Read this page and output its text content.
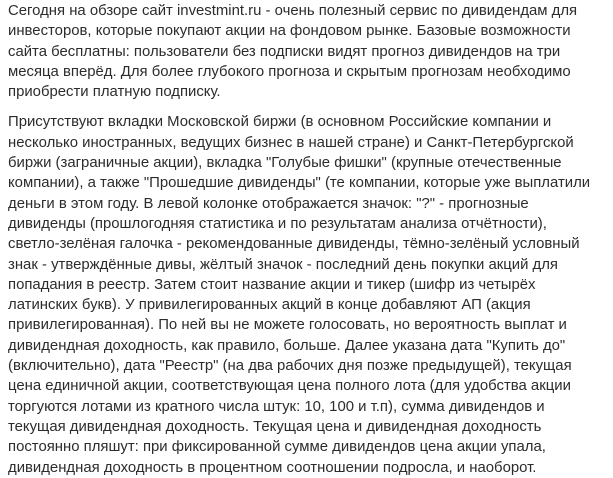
Сегодня на обзоре сайт investmint.ru - очень полезный сервис по дивидендам для
инвесторов, которые покупают акции на фондовом рынке. Базовые возможности
сайта бесплатны: пользователи без подписки видят прогноз дивидендов на три
месяца вперёд. Для более глубокого прогноза и скрытым прогнозам необходимо
приобрести платную подписку.

Присутствуют вкладки Московской биржи (в основном Российские компании и
несколько иностранных, ведущих бизнес в нашей стране) и Санкт-Петербургской
биржи (заграничные акции), вкладка "Голубые фишки" (крупные отечественные
компании), а также "Прошедшие дивиденды" (те компании, которые уже выплатили
деньги в этом году. В левой колонке отображается значок: "?" - прогнозные
дивиденды (прошлогодняя статистика и по результатам анализа отчётности),
светло-зелёная галочка - рекомендованные дивиденды, тёмно-зелёный условный
знак - утверждённые дивы, жёлтый значок - последний день покупки акций для
попадания в реестр. Затем стоит название акции и тикер (шифр из четырёх
латинских букв). У привилегированных акций в конце добавляют АП (акция
привилегированная). По ней вы не можете голосовать, но вероятность выплат и
дивидендная доходность, как правило, больше. Далее указана дата "Купить до"
(включительно), дата "Реестр" (на два рабочих дня позже предыдущей), текущая
цена единичной акции, соответствующая цена полного лота (для удобства акции
торгуются лотами из кратного числа штук: 10, 100 и т.п), сумма дивидендов и
текущая дивидендная доходность. Текущая цена и дивидендная доходность
постоянно пляшут: при фиксированной сумме дивидендов цена акции упала,
дивидендная доходность в процентном соотношении подросла, и наоборот.
